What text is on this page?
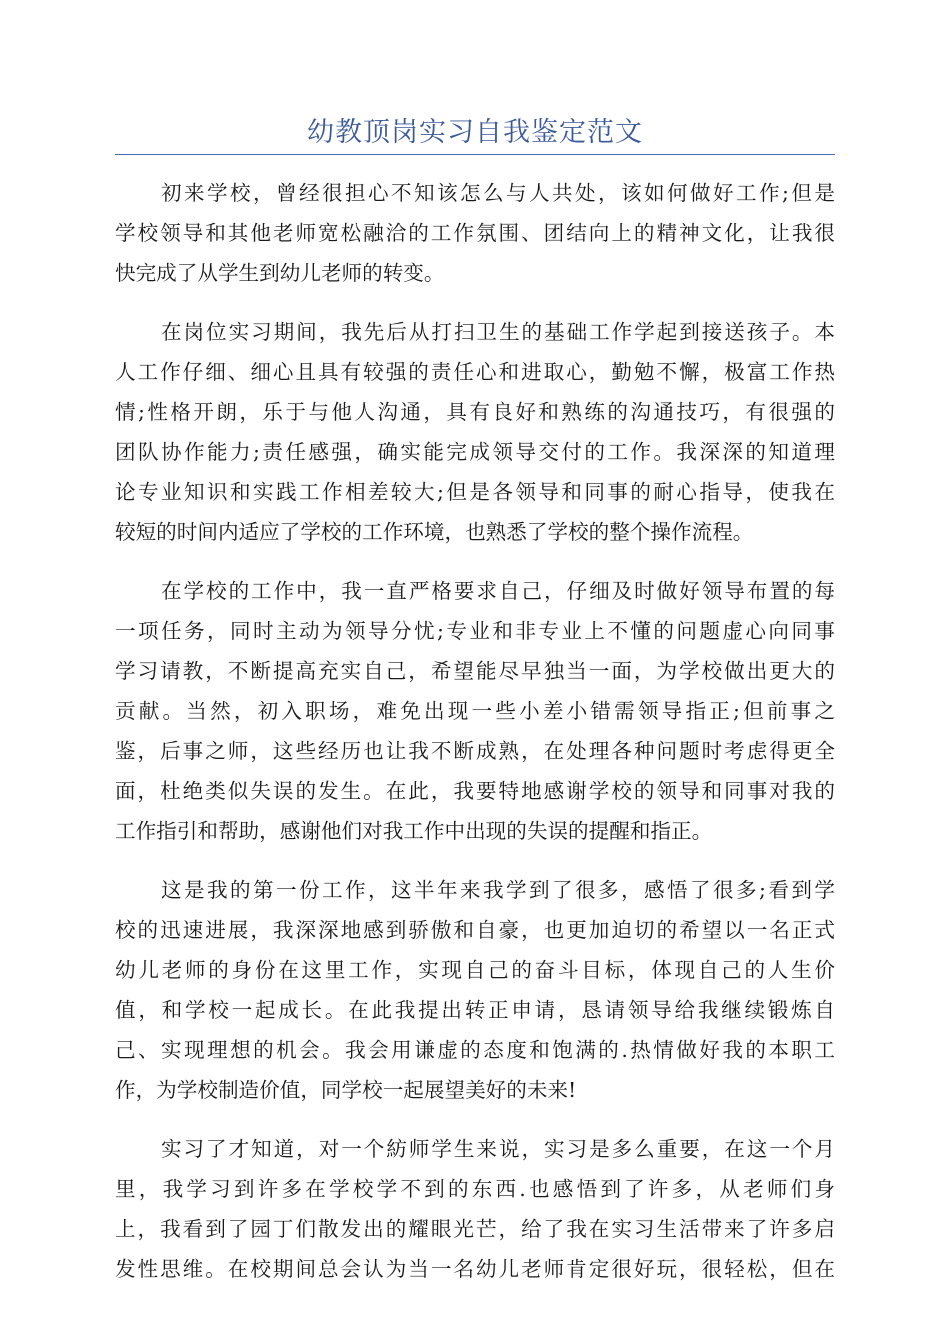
幼教顶岗实习自我鉴定范文
初来学校，曾经很担心不知该怎么与人共处，该如何做好工作;但是
学校领导和其他老师宽松融洽的工作氛围、团结向上的精神文化，让我很
快完成了从学生到幼儿老师的转变。
在岗位实习期间，我先后从打扫卫生的基础工作学起到接送孩子。本
人工作仔细、细心且具有较强的责任心和进取心，勤勉不懈，极富工作热
情;性格开朗，乐于与他人沟通，具有良好和熟练的沟通技巧，有很强的
团队协作能力;责任感强，确实能完成领导交付的工作。我深深的知道理
论专业知识和实践工作相差较大;但是各领导和同事的耐心指导，使我在
较短的时间内适应了学校的工作环境，也熟悉了学校的整个操作流程。
在学校的工作中，我一直严格要求自己，仔细及时做好领导布置的每
一项任务，同时主动为领导分忧;专业和非专业上不懂的问题虚心向同事
学习请教，不断提高充实自己，希望能尽早独当一面，为学校做出更大的
贡献。当然，初入职场，难免出现一些小差小错需领导指正;但前事之
鉴，后事之师，这些经历也让我不断成熟，在处理各种问题时考虑得更全
面，杜绝类似失误的发生。在此，我要特地感谢学校的领导和同事对我的
工作指引和帮助，感谢他们对我工作中出现的失误的提醒和指正。
这是我的第一份工作，这半年来我学到了很多，感悟了很多;看到学
校的迅速进展，我深深地感到骄傲和自豪，也更加迫切的希望以一名正式
幼儿老师的身份在这里工作，实现自己的奋斗目标，体现自己的人生价
值，和学校一起成长。在此我提出转正申请，恳请领导给我继续锻炼自
己、实现理想的机会。我会用谦虚的态度和饱满的.热情做好我的本职工
作，为学校制造价值，同学校一起展望美好的未来!
实习了才知道，对一个紡师学生来说，实习是多么重要，在这一个月
里，我学习到许多在学校学不到的东西.也感悟到了许多，从老师们身
上，我看到了园丁们散发出的耀眼光芒，给了我在实习生活带来了许多启
发性思维。在校期间总会认为当一名幼儿老师肯定很好玩，很轻松，但在
